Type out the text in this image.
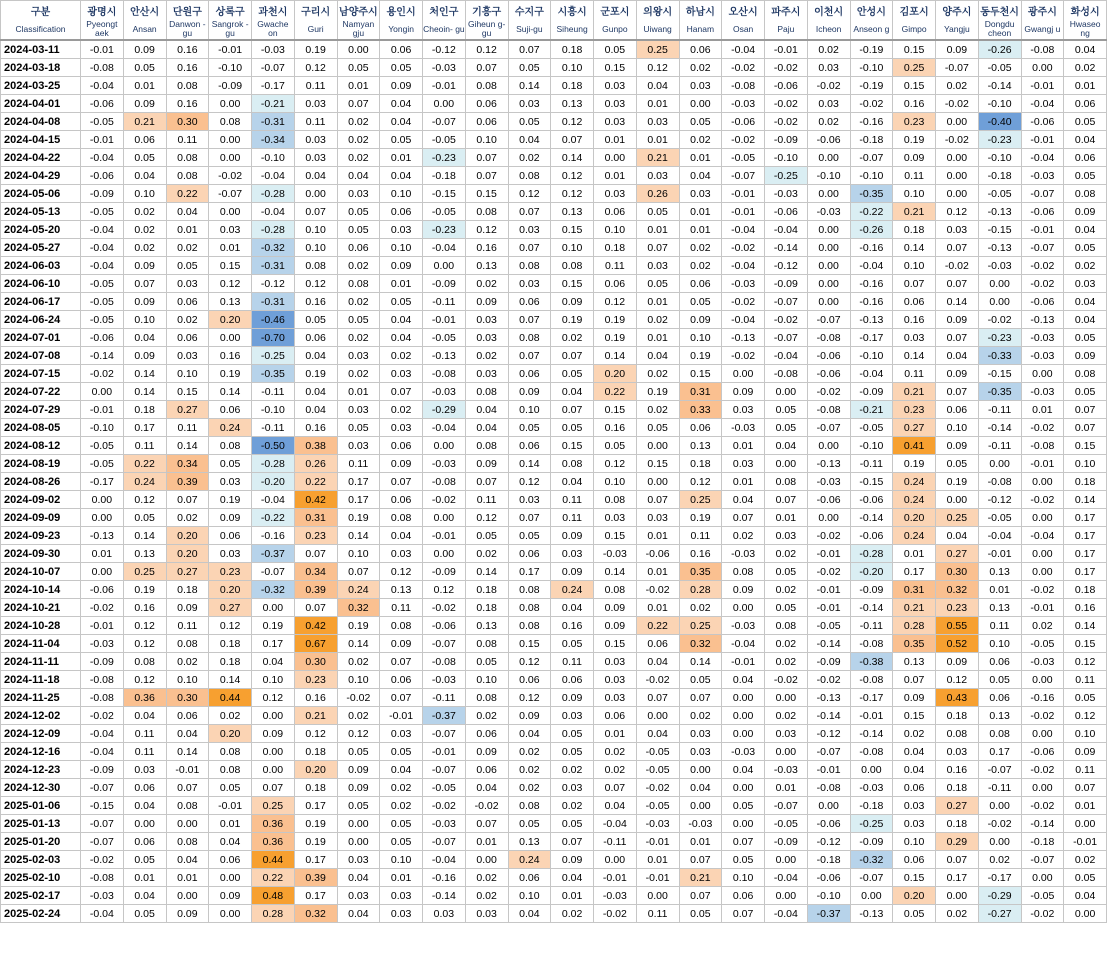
구분	광명시	안산시	단원구	상록구	과천시	구리시	남양주시	용인시	처인구	기흥구	수지구	시흥시	군포시	의왕시	하남시	오산시	파주시	이천시	안성시	김포시	양주시	동두천시	광주시	화성시
Classification	Pyeongt aek	Ansan	Danwon -gu	Sangrok -gu	Gwache on	Guri	Namyan gju	Yongin	Cheoin- gu	Giheun g-gu	Suji-gu	Siheung	Gunpo	Uiwang	Hanam	Osan	Paju	Icheon	Anseon g	Gimpo	Yangju	Dongdu cheon	Gwangj u	Hwaseo ng
2024-03-11	-0.01	0.09	0.16	-0.01	-0.03	0.19	0.00	0.06	-0.12	0.12	0.07	0.18	0.05	0.25	0.06	-0.04	-0.01	0.02	-0.19	0.15	0.09	-0.26	-0.08	0.04
2024-03-18	-0.08	0.05	0.16	-0.10	-0.07	0.12	0.05	0.05	-0.03	0.07	0.05	0.10	0.15	0.12	0.02	-0.02	-0.02	0.03	-0.10	0.25	-0.07	-0.05	0.00	0.02
2024-03-25	-0.04	0.01	0.08	-0.09	-0.17	0.11	0.01	0.09	-0.01	0.08	0.14	0.18	0.03	0.04	0.03	-0.08	-0.06	-0.02	-0.19	0.15	0.02	-0.14	-0.01	0.01
2024-04-01	-0.06	0.09	0.16	0.00	-0.21	0.03	0.07	0.04	0.00	0.06	0.03	0.13	0.03	0.01	0.00	-0.03	-0.02	0.03	-0.02	0.16	-0.02	-0.10	-0.04	0.06
2024-04-08	-0.05	0.21	0.30	0.08	-0.31	0.11	0.02	0.04	-0.07	0.06	0.05	0.12	0.03	0.03	0.05	-0.06	-0.02	0.02	-0.16	0.23	0.00	-0.40	-0.06	0.05
2024-04-15	-0.01	0.06	0.11	0.00	-0.34	0.03	0.02	0.05	-0.05	0.10	0.04	0.07	0.01	0.01	0.02	-0.02	-0.09	-0.06	-0.18	0.19	-0.02	-0.23	-0.01	0.04
2024-04-22	-0.04	0.05	0.08	0.00	-0.10	0.03	0.02	0.01	-0.23	0.07	0.02	0.14	0.00	0.21	0.01	-0.05	-0.10	0.00	-0.07	0.09	0.00	-0.10	-0.04	0.06
2024-04-29	-0.06	0.04	0.08	-0.02	-0.04	0.04	0.04	0.04	-0.18	0.07	0.08	0.12	0.01	0.03	0.04	-0.07	-0.25	-0.10	-0.10	0.11	0.00	-0.18	-0.03	0.05
2024-05-06	-0.09	0.10	0.22	-0.07	-0.28	0.00	0.03	0.10	-0.15	0.15	0.12	0.12	0.03	0.26	0.03	-0.01	-0.03	0.00	-0.35	0.10	0.00	-0.05	-0.07	0.08
2024-05-13	-0.05	0.02	0.04	0.00	-0.04	0.07	0.05	0.06	-0.05	0.08	0.07	0.13	0.06	0.05	0.01	-0.01	-0.06	-0.03	-0.22	0.21	0.12	-0.13	-0.06	0.09
2024-05-20	-0.04	0.02	0.01	0.03	-0.28	0.10	0.05	0.03	-0.23	0.12	0.03	0.15	0.10	0.01	0.01	-0.04	-0.04	0.00	-0.26	0.18	0.03	-0.15	-0.01	0.04
2024-05-27	-0.04	0.02	0.02	0.01	-0.32	0.10	0.06	0.10	-0.04	0.16	0.07	0.10	0.18	0.07	0.02	-0.02	-0.14	0.00	-0.16	0.14	0.07	-0.13	-0.07	0.05
2024-06-03	-0.04	0.09	0.05	0.15	-0.31	0.08	0.02	0.09	0.00	0.13	0.08	0.08	0.11	0.03	0.02	-0.04	-0.12	0.00	-0.04	0.10	-0.02	-0.03	-0.02	0.02
2024-06-10	-0.05	0.07	0.03	0.12	-0.12	0.12	0.08	0.01	-0.09	0.02	0.03	0.15	0.06	0.05	0.06	-0.03	-0.09	0.00	-0.16	0.07	0.07	0.00	-0.02	0.03
2024-06-17	-0.05	0.09	0.06	0.13	-0.31	0.16	0.02	0.05	-0.11	0.09	0.06	0.09	0.12	0.01	0.05	-0.02	-0.07	0.00	-0.16	0.06	0.14	0.00	-0.06	0.04
2024-06-24	-0.05	0.10	0.02	0.20	-0.46	0.05	0.05	0.04	-0.01	0.03	0.07	0.19	0.19	0.02	0.09	-0.04	-0.02	-0.07	-0.13	0.16	0.09	-0.02	-0.13	0.04
2024-07-01	-0.06	0.04	0.06	0.00	-0.70	0.06	0.02	0.04	-0.05	0.03	0.08	0.02	0.19	0.01	0.10	-0.13	-0.07	-0.08	-0.17	0.03	0.07	-0.23	-0.03	0.05
2024-07-08	-0.14	0.09	0.03	0.16	-0.25	0.04	0.03	0.02	-0.13	0.02	0.07	0.07	0.14	0.04	0.19	-0.02	-0.04	-0.06	-0.10	0.14	0.04	-0.33	-0.03	0.09
2024-07-15	-0.02	0.14	0.10	0.19	-0.35	0.19	0.02	0.03	-0.08	0.03	0.06	0.05	0.20	0.02	0.15	0.00	-0.08	-0.06	-0.04	0.11	0.09	-0.15	0.00	0.08
2024-07-22	0.00	0.14	0.15	0.14	-0.11	0.04	0.01	0.07	-0.03	0.08	0.09	0.04	0.22	0.19	0.31	0.09	0.00	-0.02	-0.09	0.21	0.07	-0.35	-0.03	0.05
2024-07-29	-0.01	0.18	0.27	0.06	-0.10	0.04	0.03	0.02	-0.29	0.04	0.10	0.07	0.15	0.02	0.33	0.03	0.05	-0.08	-0.21	0.23	0.06	-0.11	0.01	0.07
2024-08-05	-0.10	0.17	0.11	0.24	-0.11	0.16	0.05	0.03	-0.04	0.04	0.05	0.05	0.16	0.05	0.06	-0.03	0.05	-0.07	-0.05	0.27	0.10	-0.14	-0.02	0.07
2024-08-12	-0.05	0.11	0.14	0.08	-0.50	0.38	0.03	0.06	0.00	0.08	0.06	0.15	0.05	0.00	0.13	0.01	0.04	0.00	-0.10	0.41	0.09	-0.11	-0.08	0.15
2024-08-19	-0.05	0.22	0.34	0.05	-0.28	0.26	0.11	0.09	-0.03	0.09	0.14	0.08	0.12	0.15	0.18	0.03	0.00	-0.13	-0.11	0.19	0.05	0.00	-0.01	0.10
2024-08-26	-0.17	0.24	0.39	0.03	-0.20	0.22	0.17	0.07	-0.08	0.07	0.12	0.04	0.10	0.00	0.12	0.01	0.08	-0.03	-0.15	0.24	0.19	-0.08	0.00	0.18
2024-09-02	0.00	0.12	0.07	0.19	-0.04	0.42	0.17	0.06	-0.02	0.11	0.03	0.11	0.08	0.07	0.25	0.04	0.07	-0.06	-0.06	0.24	0.00	-0.12	-0.02	0.14
2024-09-09	0.00	0.05	0.02	0.09	-0.22	0.31	0.19	0.08	0.00	0.12	0.07	0.11	0.03	0.03	0.19	0.07	0.01	0.00	-0.14	0.20	0.25	-0.05	0.00	0.17
2024-09-23	-0.13	0.14	0.20	0.06	-0.16	0.23	0.14	0.04	-0.01	0.05	0.05	0.09	0.15	0.01	0.11	0.02	0.03	-0.02	-0.06	0.24	0.04	-0.04	-0.04	0.17
2024-09-30	0.01	0.13	0.20	0.03	-0.37	0.07	0.10	0.03	0.00	0.02	0.06	0.03	-0.03	-0.06	0.16	-0.03	0.02	-0.01	-0.28	0.01	0.27	-0.01	0.00	0.17
2024-10-07	0.00	0.25	0.27	0.23	-0.07	0.34	0.07	0.12	-0.09	0.14	0.17	0.09	0.14	0.01	0.35	0.08	0.05	-0.02	-0.20	0.17	0.30	0.13	0.00	0.17
2024-10-14	-0.06	0.19	0.18	0.20	-0.32	0.39	0.24	0.13	0.12	0.18	0.08	0.24	0.08	-0.02	0.28	0.09	0.02	-0.01	-0.09	0.31	0.32	0.01	-0.02	0.18
2024-10-21	-0.02	0.16	0.09	0.27	0.00	0.07	0.32	0.11	-0.02	0.18	0.08	0.04	0.09	0.01	0.02	0.00	0.05	-0.01	-0.14	0.21	0.23	0.13	-0.01	0.16
2024-10-28	-0.01	0.12	0.11	0.12	0.19	0.42	0.19	0.08	-0.06	0.13	0.08	0.16	0.09	0.22	0.25	-0.03	0.08	-0.05	-0.11	0.28	0.55	0.11	0.02	0.14
2024-11-04	-0.03	0.12	0.08	0.18	0.17	0.67	0.14	0.09	-0.07	0.08	0.15	0.05	0.15	0.06	0.32	-0.04	0.02	-0.14	-0.08	0.35	0.52	0.10	-0.05	0.15
2024-11-11	-0.09	0.08	0.02	0.18	0.04	0.30	0.02	0.07	-0.08	0.05	0.12	0.11	0.03	0.04	0.14	-0.01	0.02	-0.09	-0.38	0.13	0.09	0.06	-0.03	0.12
2024-11-18	-0.08	0.12	0.10	0.14	0.10	0.23	0.10	0.06	-0.03	0.10	0.06	0.06	0.03	-0.02	0.05	0.04	-0.02	-0.02	-0.08	0.07	0.12	0.05	0.00	0.11
2024-11-25	-0.08	0.36	0.30	0.44	0.12	0.16	-0.02	0.07	-0.11	0.08	0.12	0.09	0.03	0.07	0.07	0.00	0.00	-0.13	-0.17	0.09	0.43	0.06	-0.16	0.05
2024-12-02	-0.02	0.04	0.06	0.02	0.00	0.21	0.02	-0.01	-0.37	0.02	0.09	0.03	0.06	0.00	0.02	0.00	0.02	-0.14	-0.01	0.15	0.18	0.13	-0.02	0.12
2024-12-09	-0.04	0.11	0.04	0.20	0.09	0.12	0.12	0.03	-0.07	0.06	0.04	0.05	0.01	0.04	0.03	0.00	0.03	-0.12	-0.14	0.02	0.08	0.08	0.00	0.10
2024-12-16	-0.04	0.11	0.14	0.08	0.00	0.18	0.05	0.05	-0.01	0.09	0.02	0.05	0.02	-0.05	0.03	-0.03	0.00	-0.07	-0.08	0.04	0.03	0.17	-0.06	0.09
2024-12-23	-0.09	0.03	-0.01	0.08	0.00	0.20	0.09	0.04	-0.07	0.06	0.02	0.02	0.02	-0.05	0.00	0.04	-0.03	-0.01	0.00	0.04	0.16	-0.07	-0.02	0.11
2024-12-30	-0.07	0.06	0.07	0.05	0.07	0.18	0.09	0.02	-0.05	0.04	0.02	0.03	0.07	-0.02	0.04	0.00	0.01	-0.08	-0.03	0.06	0.18	-0.11	0.00	0.07
2025-01-06	-0.15	0.04	0.08	-0.01	0.25	0.17	0.05	0.02	-0.02	-0.02	0.08	0.02	0.04	-0.05	0.00	0.05	-0.07	0.00	-0.18	0.03	0.27	0.00	-0.02	0.01
2025-01-13	-0.07	0.00	0.00	0.01	0.36	0.19	0.00	0.05	-0.03	0.07	0.05	0.05	-0.04	-0.03	-0.03	0.00	-0.05	-0.06	-0.25	0.03	0.18	-0.02	-0.14	0.00
2025-01-20	-0.07	0.06	0.08	0.04	0.36	0.19	0.00	0.05	-0.07	0.01	0.13	0.07	-0.11	-0.01	0.01	0.07	-0.09	-0.12	-0.09	0.10	0.29	0.00	-0.18	-0.01
2025-02-03	-0.02	0.05	0.04	0.06	0.44	0.17	0.03	0.10	-0.04	0.00	0.24	0.09	0.00	0.01	0.07	0.05	0.00	-0.18	-0.32	0.06	0.07	0.02	-0.07	0.02
2025-02-10	-0.08	0.01	0.01	0.00	0.22	0.39	0.04	0.01	-0.16	0.02	0.06	0.04	-0.01	-0.01	0.21	0.10	-0.04	-0.06	-0.07	0.15	0.17	-0.17	0.00	0.05
2025-02-17	-0.03	0.04	0.00	0.09	0.48	0.17	0.03	0.03	-0.14	0.02	0.10	0.01	-0.03	0.00	0.07	0.06	0.00	-0.10	0.00	0.20	0.00	-0.29	-0.05	0.04
2025-02-24	-0.04	0.05	0.09	0.00	0.28	0.32	0.04	0.03	0.03	0.03	0.04	0.02	-0.02	0.11	0.05	0.07	-0.04	-0.37	-0.13	0.05	0.02	-0.27	-0.02	0.00
